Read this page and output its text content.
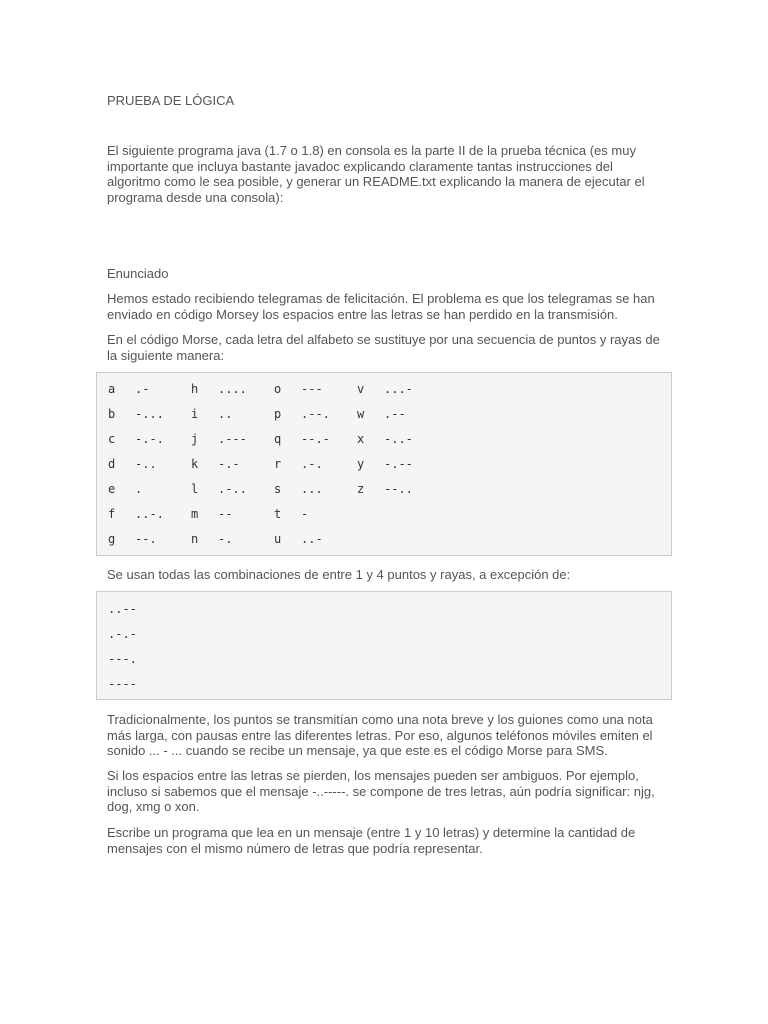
PRUEBA DE LÓGICA

El siguiente programa java (1.7 o 1.8) en consola es la parte II de la prueba técnica (es muy importante que incluya bastante javadoc explicando claramente tantas instrucciones del algoritmo como le sea posible, y generar un README.txt explicando la manera de ejecutar el programa desde una consola):

Enunciado

Hemos estado recibiendo telegramas de felicitación. El problema es que los telegramas se han enviado en código Morsey los espacios entre las letras se han perdido en la transmisión.

En el código Morse, cada letra del alfabeto se sustituye por una secuencia de puntos y rayas de la siguiente manera:

a .-
b -...
c -.-.
d -..
e .
f ..-.
g --.
h ....
i ..
j .---
k -.-
l .-..
m --
n -.
o ---
p .--.
q --.-
r .-.
s ...
t -
u ..-
v ...-
w .--
x -..-
y -.--
z --..

Se usan todas las combinaciones de entre 1 y 4 puntos y rayas, a excepción de:

..--
.-.-
---.
----

Tradicionalmente, los puntos se transmitían como una nota breve y los guiones como una nota más larga, con pausas entre las diferentes letras. Por eso, algunos teléfonos móviles emiten el sonido ... - ... cuando se recibe un mensaje, ya que este es el código Morse para SMS.

Si los espacios entre las letras se pierden, los mensajes pueden ser ambiguos. Por ejemplo, incluso si sabemos que el mensaje -..-----. se compone de tres letras, aún podría significar: njg, dog, xmg o xon.

Escribe un programa que lea en un mensaje (entre 1 y 10 letras) y determine la cantidad de mensajes con el mismo número de letras que podría representar.
